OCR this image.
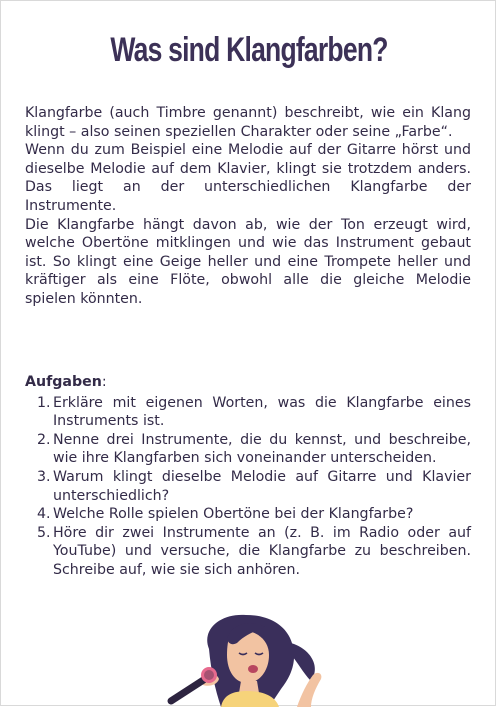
Was sind Klangfarben?

Klangfarbe (auch Timbre genannt) beschreibt, wie ein Klang klingt – also seinen speziellen Charakter oder seine „Farbe“.

Wenn du zum Beispiel eine Melodie auf der Gitarre hörst und dieselbe Melodie auf dem Klavier, klingt sie trotzdem anders. Das liegt an der unterschiedlichen Klangfarbe der Instrumente.

Die Klangfarbe hängt davon ab, wie der Ton erzeugt wird, welche Obertöne mitklingen und wie das Instrument gebaut ist. So klingt eine Geige heller und eine Trompete heller und kräftiger als eine Flöte, obwohl alle die gleiche Melodie spielen könnten.

Aufgaben:

1. Erkläre mit eigenen Worten, was die Klangfarbe eines Instruments ist.
2. Nenne drei Instrumente, die du kennst, und beschreibe, wie ihre Klangfarben sich voneinander unterscheiden.
3. Warum klingt dieselbe Melodie auf Gitarre und Klavier unterschiedlich?
4. Welche Rolle spielen Obertöne bei der Klangfarbe?
5. Höre dir zwei Instrumente an (z. B. im Radio oder auf YouTube) und versuche, die Klangfarbe zu beschreiben. Schreibe auf, wie sie sich anhören.
